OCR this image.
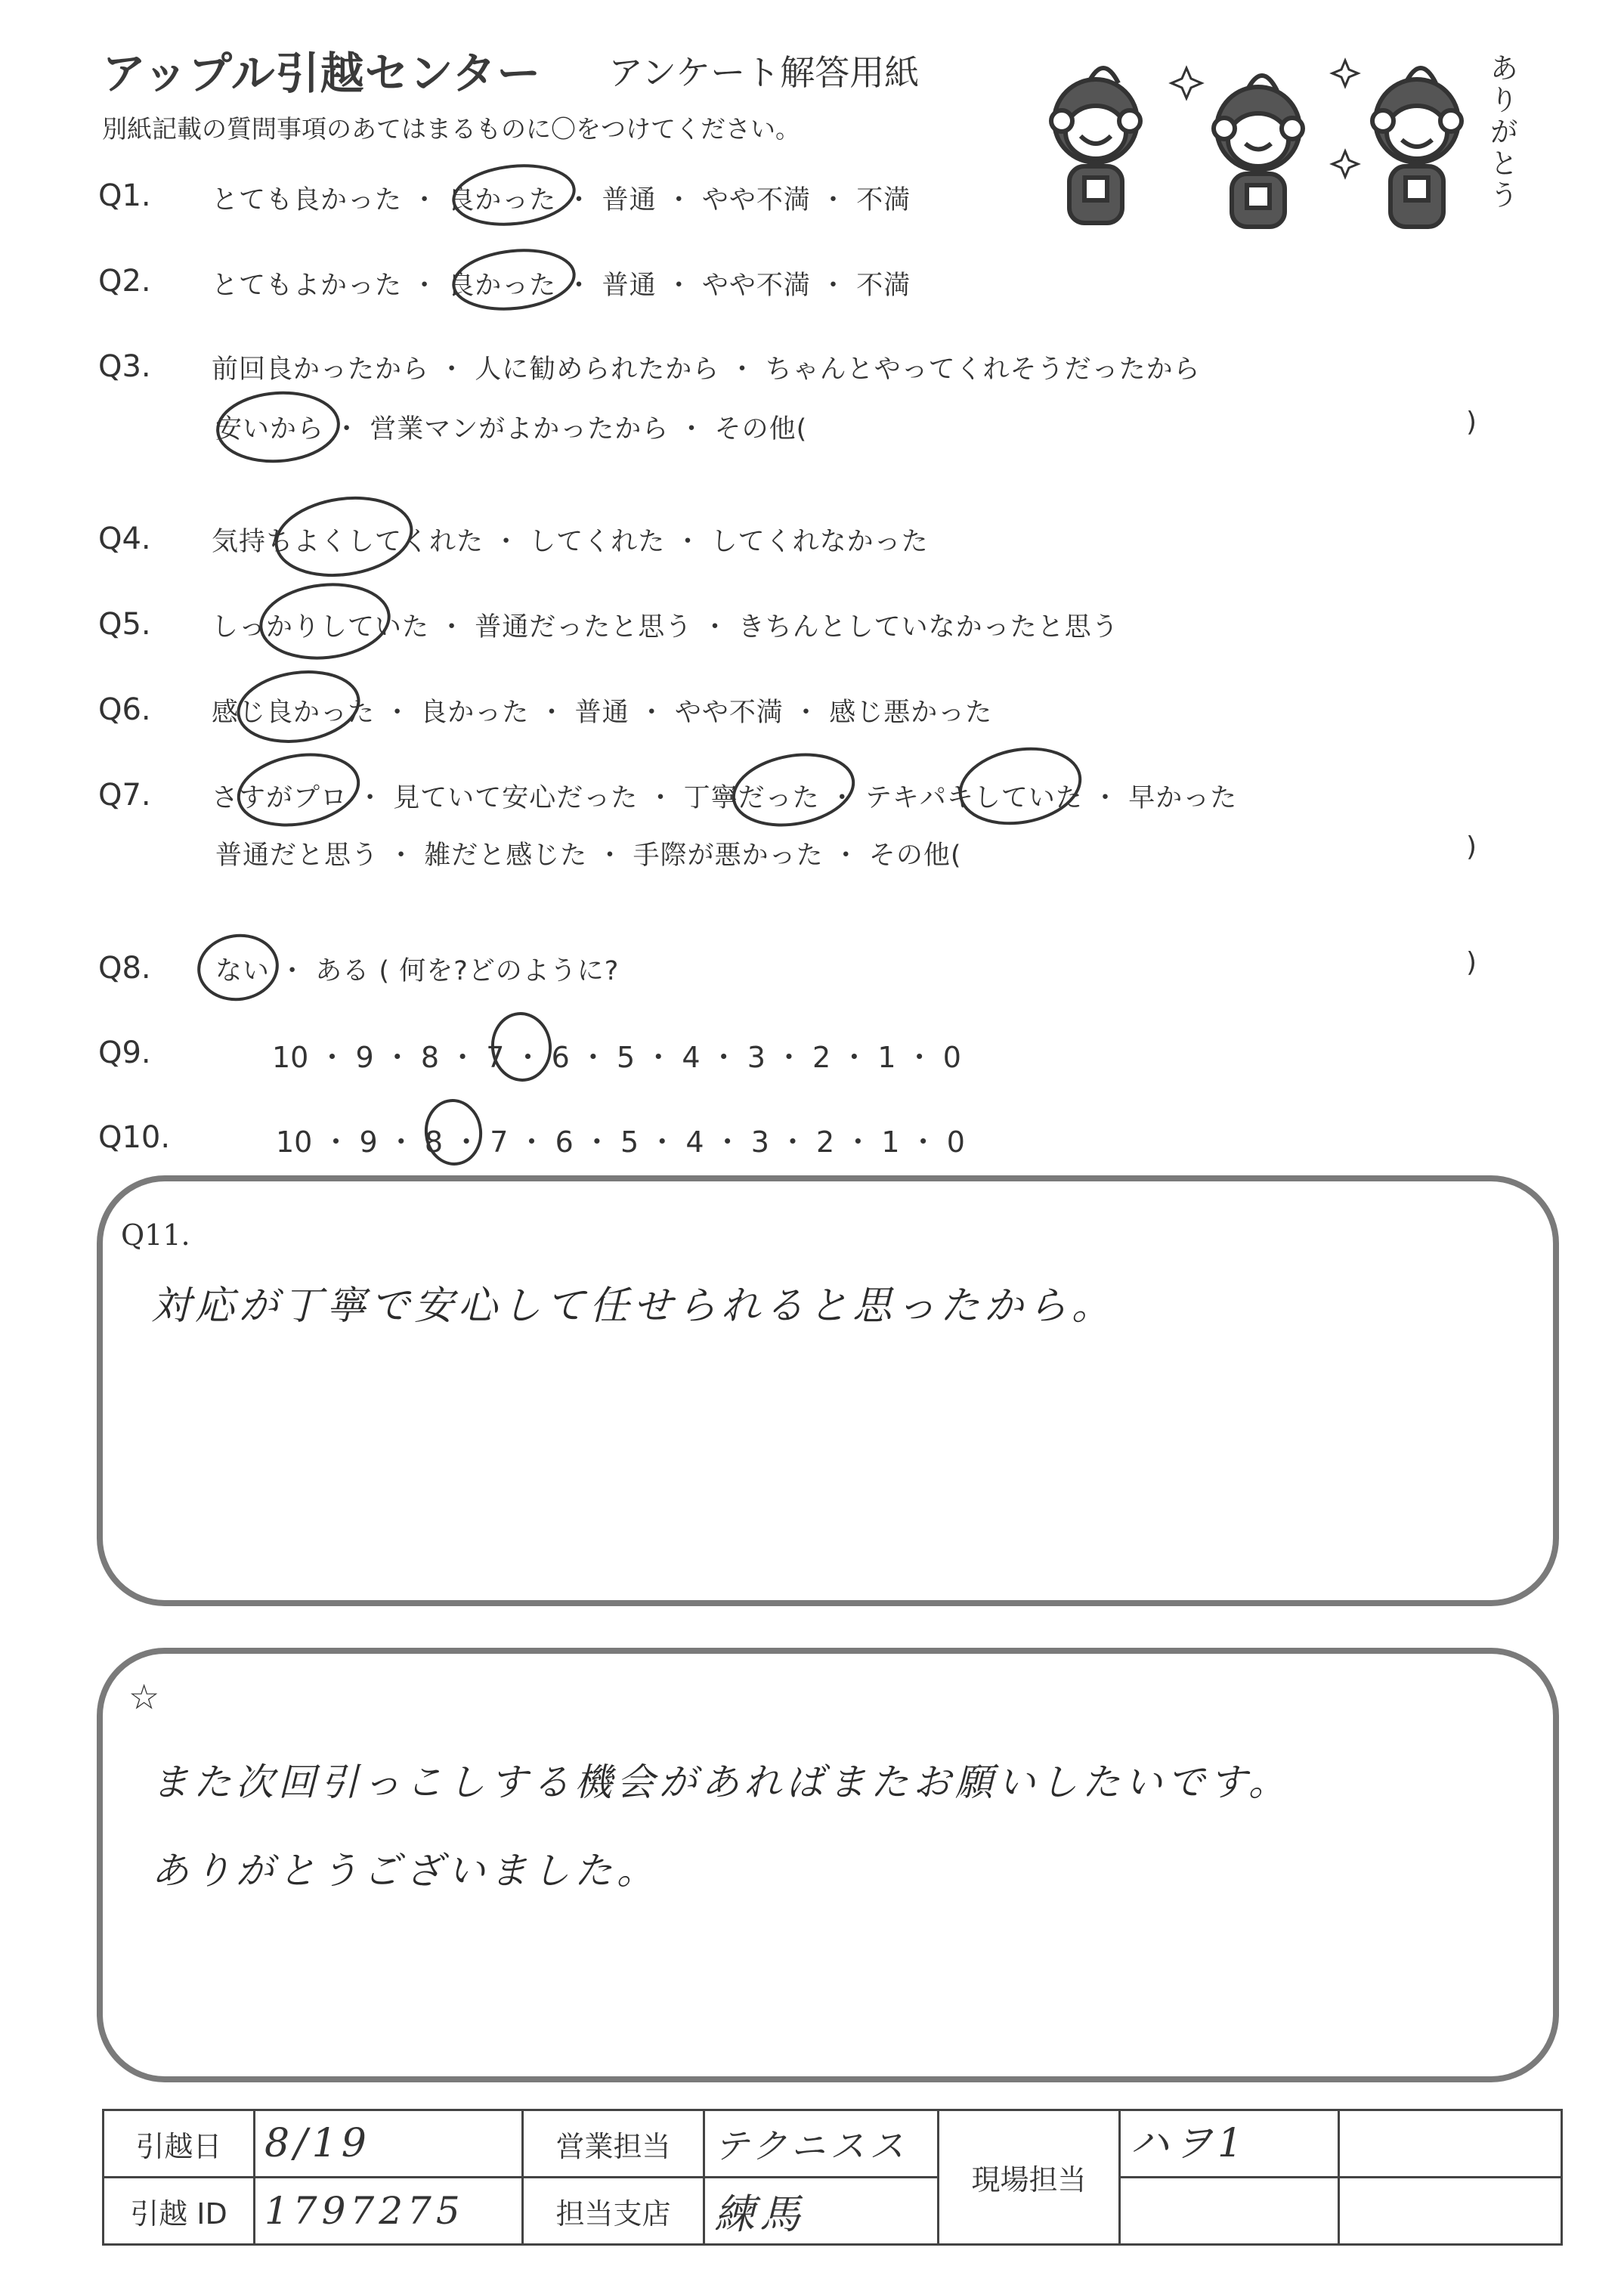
アップル引越センター アンケート解答用紙
別紙記載の質問事項のあてはまるものに〇をつけてください。	ありがとう
Q1. とても良かった ・ 良かった ・ 普通 ・ やや不満 ・ 不満
Q2. とてもよかった ・ 良かった ・ 普通 ・ やや不満 ・ 不満
Q3. 前回良かったから ・ 人に勧められたから ・ ちゃんとやってくれそうだったから
安いから ・ 営業マンがよかったから ・ その他(	)
Q4. 気持ちよくしてくれた ・ してくれた ・ してくれなかった
Q5. しっかりしていた ・ 普通だったと思う ・ きちんとしていなかったと思う
Q6. 感じ良かった ・ 良かった ・ 普通 ・ やや不満 ・ 感じ悪かった
Q7. さすがプロ ・ 見ていて安心だった ・ 丁寧だった ・ テキパキしていた ・ 早かった
普通だと思う ・ 雑だと感じた ・ 手際が悪かった ・ その他(	)
Q8. ない ・ ある ( 何を?どのように?	)
Q9.	10 ・ 9 ・ 8 ・ 7 ・ 6 ・ 5 ・ 4 ・ 3 ・ 2 ・ 1 ・ 0
Q10.	10 ・ 9 ・ 8 ・ 7 ・ 6 ・ 5 ・ 4 ・ 3 ・ 2 ・ 1 ・ 0
Q11.
対応が丁寧で安心して任せられると思ったから。
☆
また次回引っこしする機会があればまたお願いしたいです。
ありがとうございました。
引越日	8/19	営業担当	テクニスス	現場担当	ハヲ1	
引越 ID	1797275	担当支店	練馬			
